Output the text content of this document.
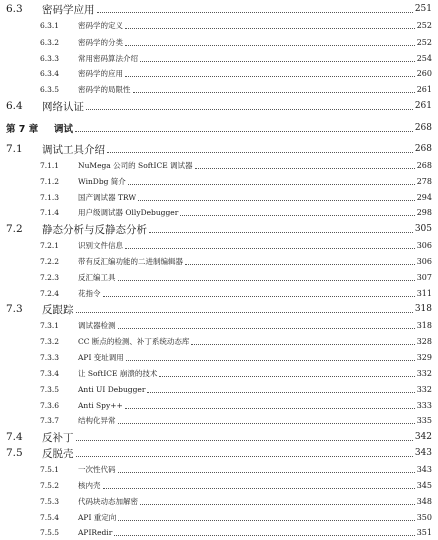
6.3	密码学应用	251
6.3.1	密码学的定义	252
6.3.2	密码学的分类	252
6.3.3	常用密码算法介绍	254
6.3.4	密码学的应用	260
6.3.5	密码学的局限性	261
6.4	网络认证	261
第 7 章	调试	268
7.1	调试工具介绍	268
7.1.1	NuMega 公司的 SoftICE 调试器	268
7.1.2	WinDbg 简介	278
7.1.3	国产调试器 TRW	294
7.1.4	用户级调试器 OllyDebugger	298
7.2	静态分析与反静态分析	305
7.2.1	识别文件信息	306
7.2.2	带有反汇编功能的二进制编辑器	306
7.2.3	反汇编工具	307
7.2.4	花指令	311
7.3	反跟踪	318
7.3.1	调试器检测	318
7.3.2	CC 断点的检测、补丁系统动态库	328
7.3.3	API 变址调用	329
7.3.4	让 SoftICE 崩溃的技术	332
7.3.5	Anti UI Debugger	332
7.3.6	Anti Spy++	333
7.3.7	结构化异常	335
7.4	反补丁	342
7.5	反脱壳	343
7.5.1	一次性代码	343
7.5.2	核内壳	345
7.5.3	代码块动态加解密	348
7.5.4	API 重定向	350
7.5.5	APIRedir	351
